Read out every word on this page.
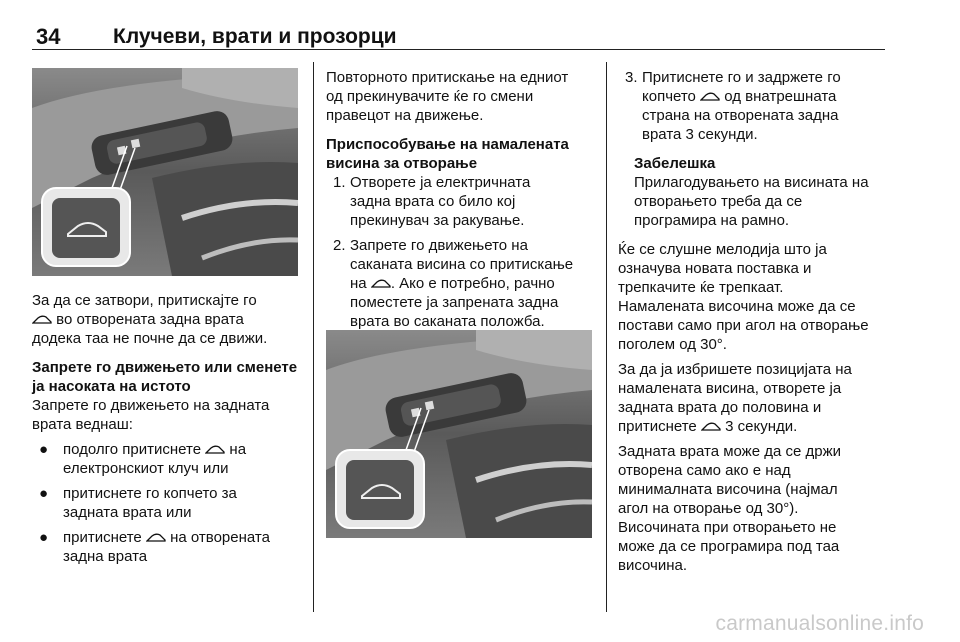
34	Клучеви, врати и прозорци

За да се затвори, притискајте го

во отворената задна врата

додека таа не почне да се движи.

Запрете го движењето или сменете

ја насоката на истото

Запрете го движењето на задната

врата веднаш:

● подолго притиснете на

електронскиот клуч или

● притиснете го копчето за

задната врата или

● притиснете на отворената

задна врата

Повторното притискање на едниот

од прекинувачите ќе го смени

правецот на движење.

Приспособување на намалената

висина за отворање

1. Отворете ја електричната

задна врата со било кој

прекинувач за ракување.

2. Запрете го движењето на

саканата висина со притискање

на . Ако е потребно, рачно

поместете ја запрената задна

врата во саканата положба.

3. Притиснете го и задржете го

копчето од внатрешната

страна на отворената задна

врата 3 секунди.

Забелешка

Прилагодувањето на висината на

отворањето треба да се

програмира на рамно.

Ќе се слушне мелодија што ја

означува новата поставка и

трепкачите ќе трепкаат.

Намалената височина може да се

постави само при агол на отворање

поголем од 30°.

За да ја избришете позицијата на

намалената висина, отворете ја

задната врата до половина и

притиснете 3 секунди.

Задната врата може да се држи

отворена само ако е над

минималната височина (најмал

агол на отворање од 30°).

Височината при отворањето не

може да се програмира под таа

височина.

carmanualsonline.info
